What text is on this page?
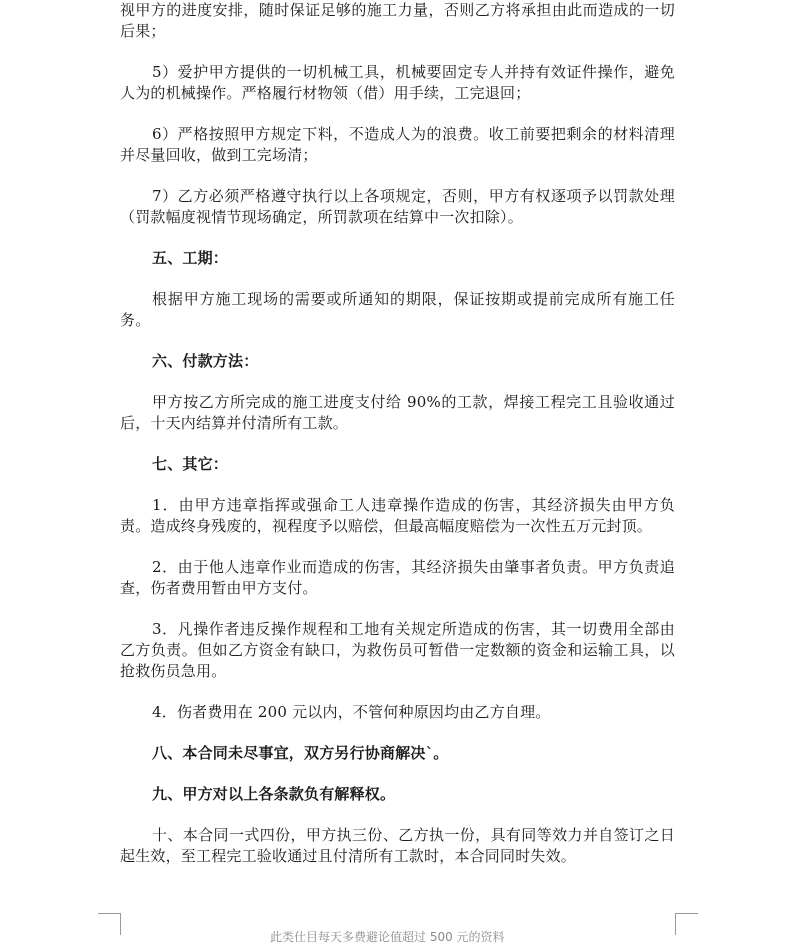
视甲方的进度安排，随时保证足够的施工力量，否则乙方将承担由此而造成的一切后果；

5）爱护甲方提供的一切机械工具，机械要固定专人并持有效证件操作，避免人为的机械操作。严格履行材物领（借）用手续，工完退回；

6）严格按照甲方规定下料，不造成人为的浪费。收工前要把剩余的材料清理并尽量回收，做到工完场清；

7）乙方必须严格遵守执行以上各项规定，否则，甲方有权逐项予以罚款处理（罚款幅度视情节现场确定，所罚款项在结算中一次扣除）。

五、工期：

根据甲方施工现场的需要或所通知的期限，保证按期或提前完成所有施工任务。

六、付款方法：

甲方按乙方所完成的施工进度支付给 90%的工款，焊接工程完工且验收通过后，十天内结算并付清所有工款。

七、其它：

1．由甲方违章指挥或强命工人违章操作造成的伤害，其经济损失由甲方负责。造成终身残废的，视程度予以赔偿，但最高幅度赔偿为一次性五万元封顶。

2．由于他人违章作业而造成的伤害，其经济损失由肇事者负责。甲方负责追查，伤者费用暂由甲方支付。

3．凡操作者违反操作规程和工地有关规定所造成的伤害，其一切费用全部由乙方负责。但如乙方资金有缺口，为救伤员可暂借一定数额的资金和运输工具，以抢救伤员急用。

4．伤者费用在 200 元以内，不管何种原因均由乙方自理。

八、本合同未尽事宜，双方另行协商解决`。

九、甲方对以上各条款负有解释权。

十、本合同一式四份，甲方执三份、乙方执一份，具有同等效力并自签订之日起生效，至工程完工验收通过且付清所有工款时，本合同同时失效。

此类仕目每天多费避论值超过 500 元的资料
